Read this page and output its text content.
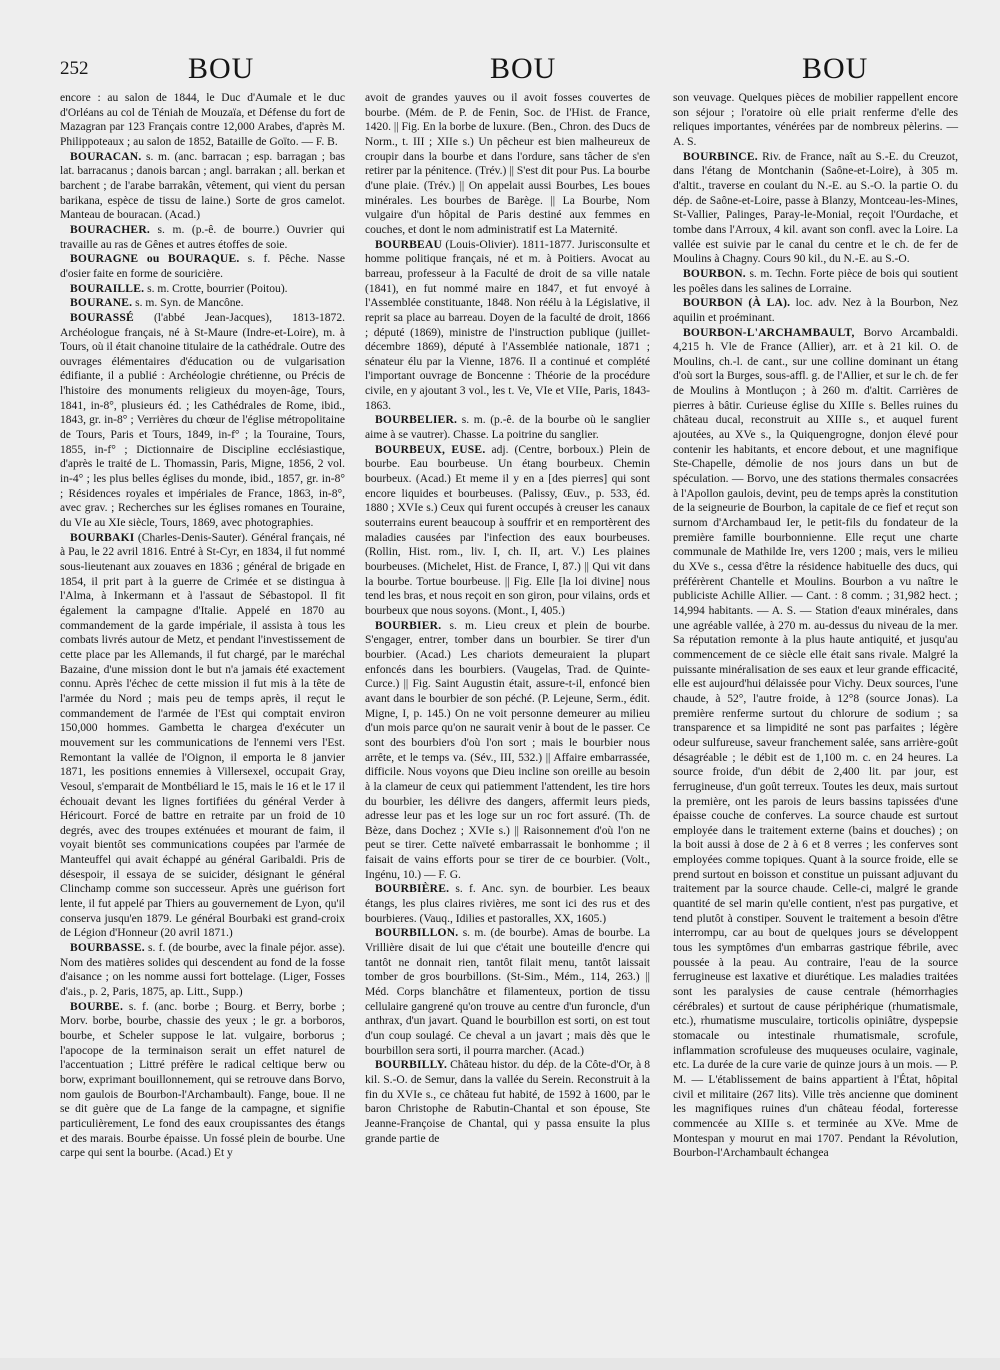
252	BOU	BOU	BOU

encore : au salon de 1844, le Duc d'Aumale et le duc d'Orléans au col de Téniah de Mouzaïa, et Défense du fort de Mazagran par 123 Français contre 12,000 Arabes, d'après M. Philippoteaux ; au salon de 1852, Bataille de Goïto. — F. B.

BOURACAN. s. m. (anc. barracan ; esp. barragan ; bas lat. barracanus ; danois barcan ; angl. barrakan ; all. berkan et barchent ; de l'arabe barrakân, vêtement, qui vient du persan barikana, espèce de tissu de laine.) Sorte de gros camelot. Manteau de bouracan. (Acad.)

BOURACHER. s. m. (p.-ê. de bourre.) Ouvrier qui travaille au ras de Gênes et autres étoffes de soie.

BOURAGNE ou BOURAQUE. s. f. Pêche. Nasse d'osier faite en forme de souricière.

BOURAILLE. s. m. Crotte, bourrier (Poitou).

BOURANE. s. m. Syn. de Mancône.

BOURASSÉ (l'abbé Jean-Jacques), 1813-1872. Archéologue français, né à St-Maure (Indre-et-Loire), m. à Tours, où il était chanoine titulaire de la cathédrale. Outre des ouvrages élémentaires d'éducation ou de vulgarisation édifiante, il a publié : Archéologie chrétienne, ou Précis de l'histoire des monuments religieux du moyen-âge, Tours, 1841, in-8°, plusieurs éd. ; les Cathédrales de Rome, ibid., 1843, gr. in-8° ; Verrières du chœur de l'église métropolitaine de Tours, Paris et Tours, 1849, in-f° ; la Touraine, Tours, 1855, in-f° ; Dictionnaire de Discipline ecclésiastique, d'après le traité de L. Thomassin, Paris, Migne, 1856, 2 vol. in-4° ; les plus belles églises du monde, ibid., 1857, gr. in-8° ; Résidences royales et impériales de France, 1863, in-8°, avec grav. ; Recherches sur les églises romanes en Touraine, du VIe au XIe siècle, Tours, 1869, avec photographies.

BOURBAKI (Charles-Denis-Sauter). Général français, né à Pau, le 22 avril 1816. Entré à St-Cyr, en 1834, il fut nommé sous-lieutenant aux zouaves en 1836 ; général de brigade en 1854, il prit part à la guerre de Crimée et se distingua à l'Alma, à Inkermann et à l'assaut de Sébastopol. Il fit également la campagne d'Italie. Appelé en 1870 au commandement de la garde impériale, il assista à tous les combats livrés autour de Metz, et pendant l'investissement de cette place par les Allemands, il fut chargé, par le maréchal Bazaine, d'une mission dont le but n'a jamais été exactement connu. Après l'échec de cette mission il fut mis à la tête de l'armée du Nord ; mais peu de temps après, il reçut le commandement de l'armée de l'Est qui comptait environ 150,000 hommes. Gambetta le chargea d'exécuter un mouvement sur les communications de l'ennemi vers l'Est. Remontant la vallée de l'Oignon, il emporta le 8 janvier 1871, les positions ennemies à Villersexel, occupait Gray, Vesoul, s'emparait de Montbéliard le 15, mais le 16 et le 17 il échouait devant les lignes fortifiées du général Verder à Héricourt. Forcé de battre en retraite par un froid de 10 degrés, avec des troupes exténuées et mourant de faim, il voyait bientôt ses communications coupées par l'armée de Manteuffel qui avait échappé au général Garibaldi. Pris de désespoir, il essaya de se suicider, désignant le général Clinchamp comme son successeur. Après une guérison fort lente, il fut appelé par Thiers au gouvernement de Lyon, qu'il conserva jusqu'en 1879. Le général Bourbaki est grand-croix de Légion d'Honneur (20 avril 1871.)

BOURBASSE. s. f. (de bourbe, avec la finale péjor. asse). Nom des matières solides qui descendent au fond de la fosse d'aisance ; on les nomme aussi fort bottelage. (Liger, Fosses d'ais., p. 2, Paris, 1875, ap. Litt., Supp.)

BOURBE. s. f. (anc. borbe ; Bourg. et Berry, borbe ; Morv. borbe, bourbe, chassie des yeux ; le gr. a borboros, bourbe, et Scheler suppose le lat. vulgaire, borborus ; l'apocope de la terminaison serait un effet naturel de l'accentuation ; Littré préfère le radical celtique berw ou borw, exprimant bouillonnement, qui se retrouve dans Borvo, nom gaulois de Bourbon-l'Archambault). Fange, boue. Il ne se dit guère que de La fange de la campagne, et signifie particulièrement, Le fond des eaux croupissantes des étangs et des marais. Bourbe épaisse. Un fossé plein de bourbe. Une carpe qui sent la bourbe. (Acad.) Et y

avoit de grandes yauves ou il avoit fosses couvertes de bourbe. (Mém. de P. de Fenin, Soc. de l'Hist. de France, 1420. || Fig. En la borbe de luxure. (Ben., Chron. des Ducs de Norm., t. III ; XIIe s.) Un pêcheur est bien malheureux de croupir dans la bourbe et dans l'ordure, sans tâcher de s'en retirer par la pénitence. (Trév.) || S'est dit pour Pus. La bourbe d'une plaie. (Trév.) || On appelait aussi Bourbes, Les boues minérales. Les bourbes de Barège. || La Bourbe, Nom vulgaire d'un hôpital de Paris destiné aux femmes en couches, et dont le nom administratif est La Maternité.

BOURBEAU (Louis-Olivier). 1811-1877. Jurisconsulte et homme politique français, né et m. à Poitiers. Avocat au barreau, professeur à la Faculté de droit de sa ville natale (1841), en fut nommé maire en 1847, et fut envoyé à l'Assemblée constituante, 1848. Non réélu à la Législative, il reprit sa place au barreau. Doyen de la faculté de droit, 1866 ; député (1869), ministre de l'instruction publique (juillet-décembre 1869), député à l'Assemblée nationale, 1871 ; sénateur élu par la Vienne, 1876. Il a continué et complété l'important ouvrage de Boncenne : Théorie de la procédure civile, en y ajoutant 3 vol., les t. Ve, VIe et VIIe, Paris, 1843-1863.

BOURBELIER. s. m. (p.-ê. de la bourbe où le sanglier aime à se vautrer). Chasse. La poitrine du sanglier.

BOURBEUX, EUSE. adj. (Centre, borboux.) Plein de bourbe. Eau bourbeuse. Un étang bourbeux. Chemin bourbeux. (Acad.) Et meme il y en a [des pierres] qui sont encore liquides et bourbeuses. (Palissy, Œuv., p. 533, éd. 1880 ; XVIe s.) Ceux qui furent occupés à creuser les canaux souterrains eurent beaucoup à souffrir et en remportèrent des maladies causées par l'infection des eaux bourbeuses. (Rollin, Hist. rom., liv. I, ch. II, art. V.) Les plaines bourbeuses. (Michelet, Hist. de France, I, 87.) || Qui vit dans la bourbe. Tortue bourbeuse. || Fig. Elle [la loi divine] nous tend les bras, et nous reçoit en son giron, pour vilains, ords et bourbeux que nous soyons. (Mont., I, 405.)

BOURBIER. s. m. Lieu creux et plein de bourbe. S'engager, entrer, tomber dans un bourbier. Se tirer d'un bourbier. (Acad.) Les chariots demeuraient la plupart enfoncés dans les bourbiers. (Vaugelas, Trad. de Quinte-Curce.) || Fig. Saint Augustin était, assure-t-il, enfoncé bien avant dans le bourbier de son péché. (P. Lejeune, Serm., édit. Migne, I, p. 145.) On ne voit personne demeurer au milieu d'un mois parce qu'on ne saurait venir à bout de le passer. Ce sont des bourbiers d'où l'on sort ; mais le bourbier nous arrête, et le temps va. (Sév., III, 532.) || Affaire embarrassée, difficile. Nous voyons que Dieu incline son oreille au besoin à la clameur de ceux qui patiemment l'attendent, les tire hors du bourbier, les délivre des dangers, affermit leurs pieds, adresse leur pas et les loge sur un roc fort assuré. (Th. de Bèze, dans Dochez ; XVIe s.) || Raisonnement d'où l'on ne peut se tirer. Cette naïveté embarrassait le bonhomme ; il faisait de vains efforts pour se tirer de ce bourbier. (Volt., Ingénu, 10.) — F. G.

BOURBIÈRE. s. f. Anc. syn. de bourbier. Les beaux étangs, les plus claires rivières, me sont ici des rus et des bourbieres. (Vauq., Idilies et pastoralles, XX, 1605.)

BOURBILLON. s. m. (de bourbe). Amas de bourbe. La Vrillière disait de lui que c'était une bouteille d'encre qui tantôt ne donnait rien, tantôt filait menu, tantôt laissait tomber de gros bourbillons. (St-Sim., Mém., 114, 263.) || Méd. Corps blanchâtre et filamenteux, portion de tissu cellulaire gangrené qu'on trouve au centre d'un furoncle, d'un anthrax, d'un javart. Quand le bourbillon est sorti, on est tout d'un coup soulagé. Ce cheval a un javart ; mais dès que le bourbillon sera sorti, il pourra marcher. (Acad.)

BOURBILLY. Château histor. du dép. de la Côte-d'Or, à 8 kil. S.-O. de Semur, dans la vallée du Serein. Reconstruit à la fin du XVIe s., ce château fut habité, de 1592 à 1600, par le baron Christophe de Rabutin-Chantal et son épouse, Ste Jeanne-Françoise de Chantal, qui y passa ensuite la plus grande partie de

son veuvage. Quelques pièces de mobilier rappellent encore son séjour ; l'oratoire où elle priait renferme d'elle des reliques importantes, vénérées par de nombreux pèlerins. — A. S.

BOURBINCE. Riv. de France, naît au S.-E. du Creuzot, dans l'étang de Montchanin (Saône-et-Loire), à 305 m. d'altit., traverse en coulant du N.-E. au S.-O. la partie O. du dép. de Saône-et-Loire, passe à Blanzy, Montceau-les-Mines, St-Vallier, Palinges, Paray-le-Monial, reçoit l'Ourdache, et tombe dans l'Arroux, 4 kil. avant son confl. avec la Loire. La vallée est suivie par le canal du centre et le ch. de fer de Moulins à Chagny. Cours 90 kil., du N.-E. au S.-O.

BOURBON. s. m. Techn. Forte pièce de bois qui soutient les poêles dans les salines de Lorraine.

BOURBON (À LA). loc. adv. Nez à la Bourbon, Nez aquilin et proéminant.

BOURBON-L'ARCHAMBAULT, Borvo Arcambaldi. 4,215 h. Vle de France (Allier), arr. et à 21 kil. O. de Moulins, ch.-l. de cant., sur une colline dominant un étang d'où sort la Burges, sous-affl. g. de l'Allier, et sur le ch. de fer de Moulins à Montluçon ; à 260 m. d'altit. Carrières de pierres à bâtir. Curieuse église du XIIIe s. Belles ruines du château ducal, reconstruit au XIIIe s., et auquel furent ajoutées, au XVe s., la Quiquengrogne, donjon élevé pour contenir les habitants, et encore debout, et une magnifique Ste-Chapelle, démolie de nos jours dans un but de spéculation. — Borvo, une des stations thermales consacrées à l'Apollon gaulois, devint, peu de temps après la constitution de la seigneurie de Bourbon, la capitale de ce fief et reçut son surnom d'Archambaud Ier, le petit-fils du fondateur de la première famille bourbonnienne. Elle reçut une charte communale de Mathilde Ire, vers 1200 ; mais, vers le milieu du XVe s., cessa d'être la résidence habituelle des ducs, qui préférèrent Chantelle et Moulins. Bourbon a vu naître le publiciste Achille Allier. — Cant. : 8 comm. ; 31,982 hect. ; 14,994 habitants. — A. S. — Station d'eaux minérales, dans une agréable vallée, à 270 m. au-dessus du niveau de la mer. Sa réputation remonte à la plus haute antiquité, et jusqu'au commencement de ce siècle elle était sans rivale. Malgré la puissante minéralisation de ses eaux et leur grande efficacité, elle est aujourd'hui délaissée pour Vichy. Deux sources, l'une chaude, à 52°, l'autre froide, à 12°8 (source Jonas). La première renferme surtout du chlorure de sodium ; sa transparence et sa limpidité ne sont pas parfaites ; légère odeur sulfureuse, saveur franchement salée, sans arrière-goût désagréable ; le débit est de 1,100 m. c. en 24 heures. La source froide, d'un débit de 2,400 lit. par jour, est ferrugineuse, d'un goût terreux. Toutes les deux, mais surtout la première, ont les parois de leurs bassins tapissées d'une épaisse couche de conferves. La source chaude est surtout employée dans le traitement externe (bains et douches) ; on la boit aussi à dose de 2 à 6 et 8 verres ; les conferves sont employées comme topiques. Quant à la source froide, elle se prend surtout en boisson et constitue un puissant adjuvant du traitement par la source chaude. Celle-ci, malgré le grande quantité de sel marin qu'elle contient, n'est pas purgative, et tend plutôt à constiper. Souvent le traitement a besoin d'être interrompu, car au bout de quelques jours se développent tous les symptômes d'un embarras gastrique fébrile, avec poussée à la peau. Au contraire, l'eau de la source ferrugineuse est laxative et diurétique. Les maladies traitées sont les paralysies de cause centrale (hémorrhagies cérébrales) et surtout de cause périphérique (rhumatismale, etc.), rhumatisme musculaire, torticolis opiniâtre, dyspepsie stomacale ou intestinale rhumatismale, scrofule, inflammation scrofuleuse des muqueuses oculaire, vaginale, etc. La durée de la cure varie de quinze jours à un mois. — P. M. — L'établissement de bains appartient à l'État, hôpital civil et militaire (267 lits). Ville très ancienne que dominent les magnifiques ruines d'un château féodal, forteresse commencée au XIIIe s. et terminée au XVe. Mme de Montespan y mourut en mai 1707. Pendant la Révolution, Bourbon-l'Archambault échangea
